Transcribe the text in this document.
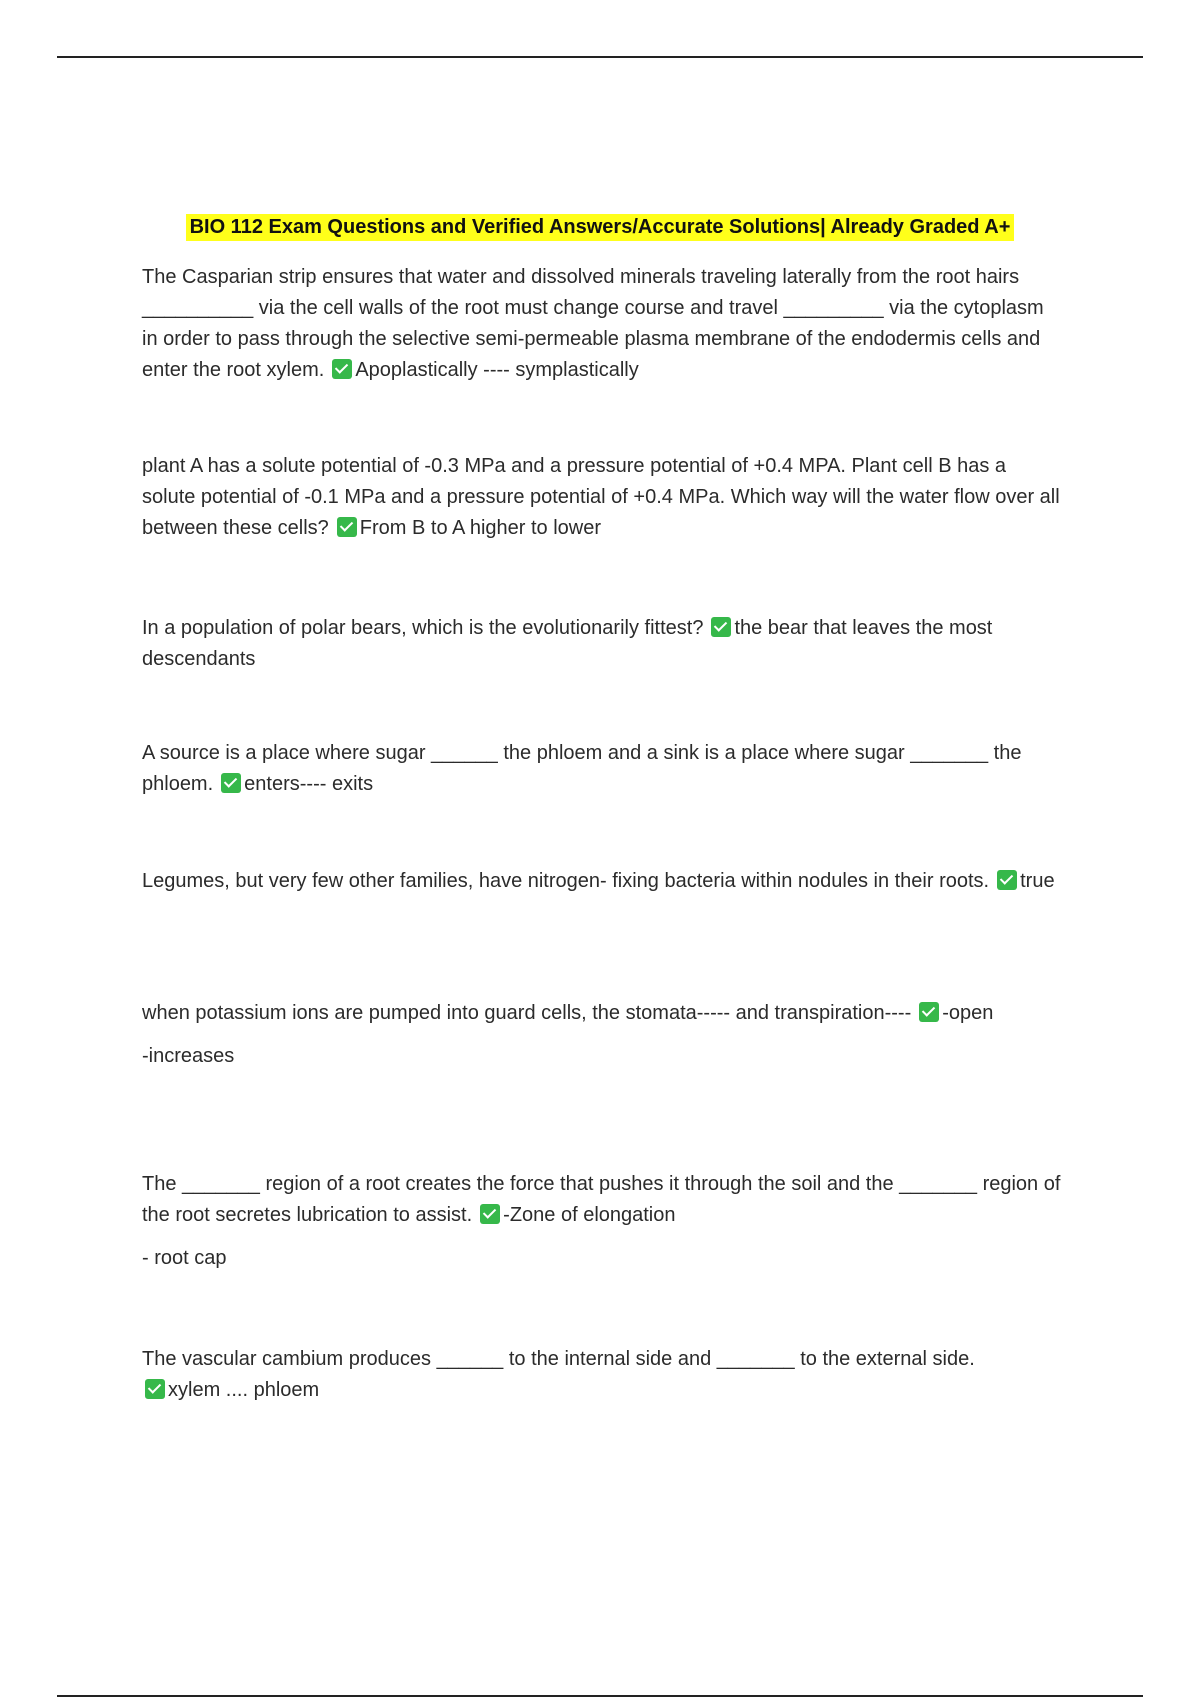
BIO 112 Exam Questions and Verified Answers/Accurate Solutions| Already Graded A+
The Casparian strip ensures that water and dissolved minerals traveling laterally from the root hairs __________ via the cell walls of the root must change course and travel _________ via the cytoplasm in order to pass through the selective semi-permeable plasma membrane of the endodermis cells and enter the root xylem. Apoplastically ---- symplastically
plant A has a solute potential of -0.3 MPa and a pressure potential of +0.4 MPA. Plant cell B has a solute potential of -0.1 MPa and a pressure potential of +0.4 MPa. Which way will the water flow over all between these cells? From B to A higher to lower
In a population of polar bears, which is the evolutionarily fittest? the bear that leaves the most descendants
A source is a place where sugar ______ the phloem and a sink is a place where sugar _______ the phloem. enters---- exits
Legumes, but very few other families, have nitrogen- fixing bacteria within nodules in their roots. true
when potassium ions are pumped into guard cells, the stomata----- and transpiration---- -open
-increases
The _______ region of a root creates the force that pushes it through the soil and the _______ region of the root secretes lubrication to assist. -Zone of elongation
- root cap
The vascular cambium produces ______ to the internal side and _______ to the external side.
xylem .... phloem
